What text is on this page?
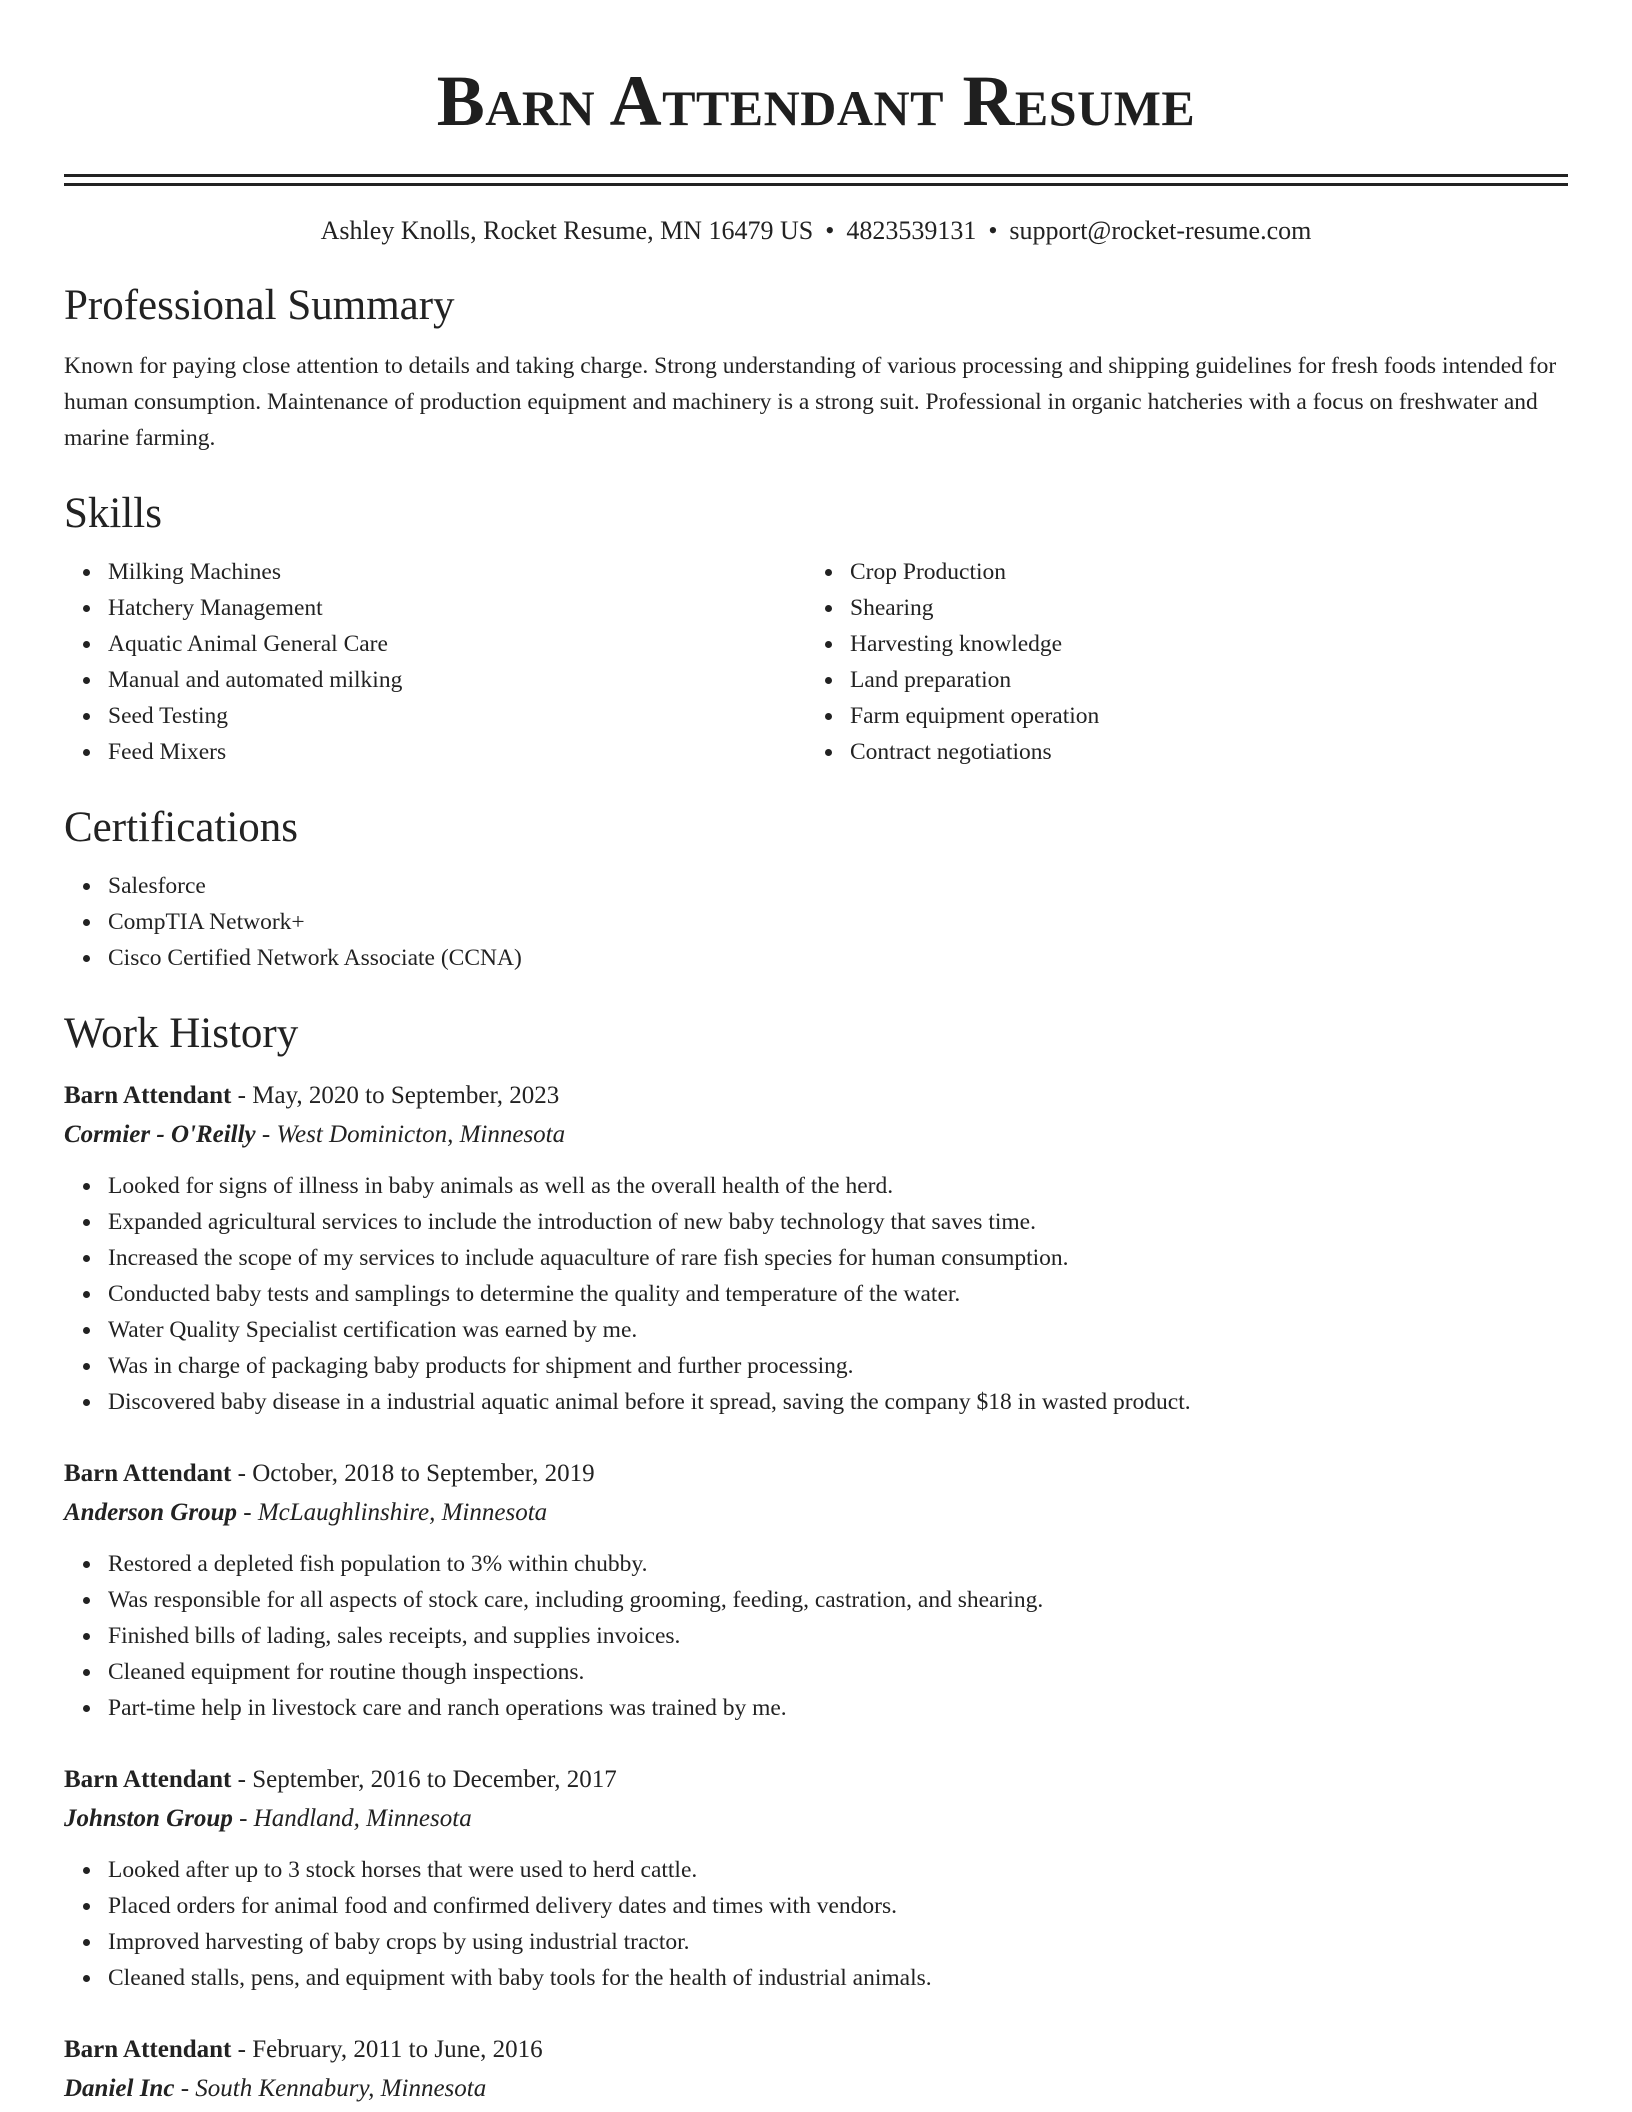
Barn Attendant Resume
Ashley Knolls, Rocket Resume, MN 16479 US • 4823539131 • support@rocket-resume.com
Professional Summary
Known for paying close attention to details and taking charge. Strong understanding of various processing and shipping guidelines for fresh foods intended for human consumption. Maintenance of production equipment and machinery is a strong suit. Professional in organic hatcheries with a focus on freshwater and marine farming.
Skills
Milking Machines
Hatchery Management
Aquatic Animal General Care
Manual and automated milking
Seed Testing
Feed Mixers
Crop Production
Shearing
Harvesting knowledge
Land preparation
Farm equipment operation
Contract negotiations
Certifications
Salesforce
CompTIA Network+
Cisco Certified Network Associate (CCNA)
Work History
Barn Attendant - May, 2020 to September, 2023
Cormier - O'Reilly - West Dominicton, Minnesota
Looked for signs of illness in baby animals as well as the overall health of the herd.
Expanded agricultural services to include the introduction of new baby technology that saves time.
Increased the scope of my services to include aquaculture of rare fish species for human consumption.
Conducted baby tests and samplings to determine the quality and temperature of the water.
Water Quality Specialist certification was earned by me.
Was in charge of packaging baby products for shipment and further processing.
Discovered baby disease in a industrial aquatic animal before it spread, saving the company $18 in wasted product.
Barn Attendant - October, 2018 to September, 2019
Anderson Group - McLaughlinshire, Minnesota
Restored a depleted fish population to 3% within chubby.
Was responsible for all aspects of stock care, including grooming, feeding, castration, and shearing.
Finished bills of lading, sales receipts, and supplies invoices.
Cleaned equipment for routine though inspections.
Part-time help in livestock care and ranch operations was trained by me.
Barn Attendant - September, 2016 to December, 2017
Johnston Group - Handland, Minnesota
Looked after up to 3 stock horses that were used to herd cattle.
Placed orders for animal food and confirmed delivery dates and times with vendors.
Improved harvesting of baby crops by using industrial tractor.
Cleaned stalls, pens, and equipment with baby tools for the health of industrial animals.
Barn Attendant - February, 2011 to June, 2016
Daniel Inc - South Kennabury, Minnesota
